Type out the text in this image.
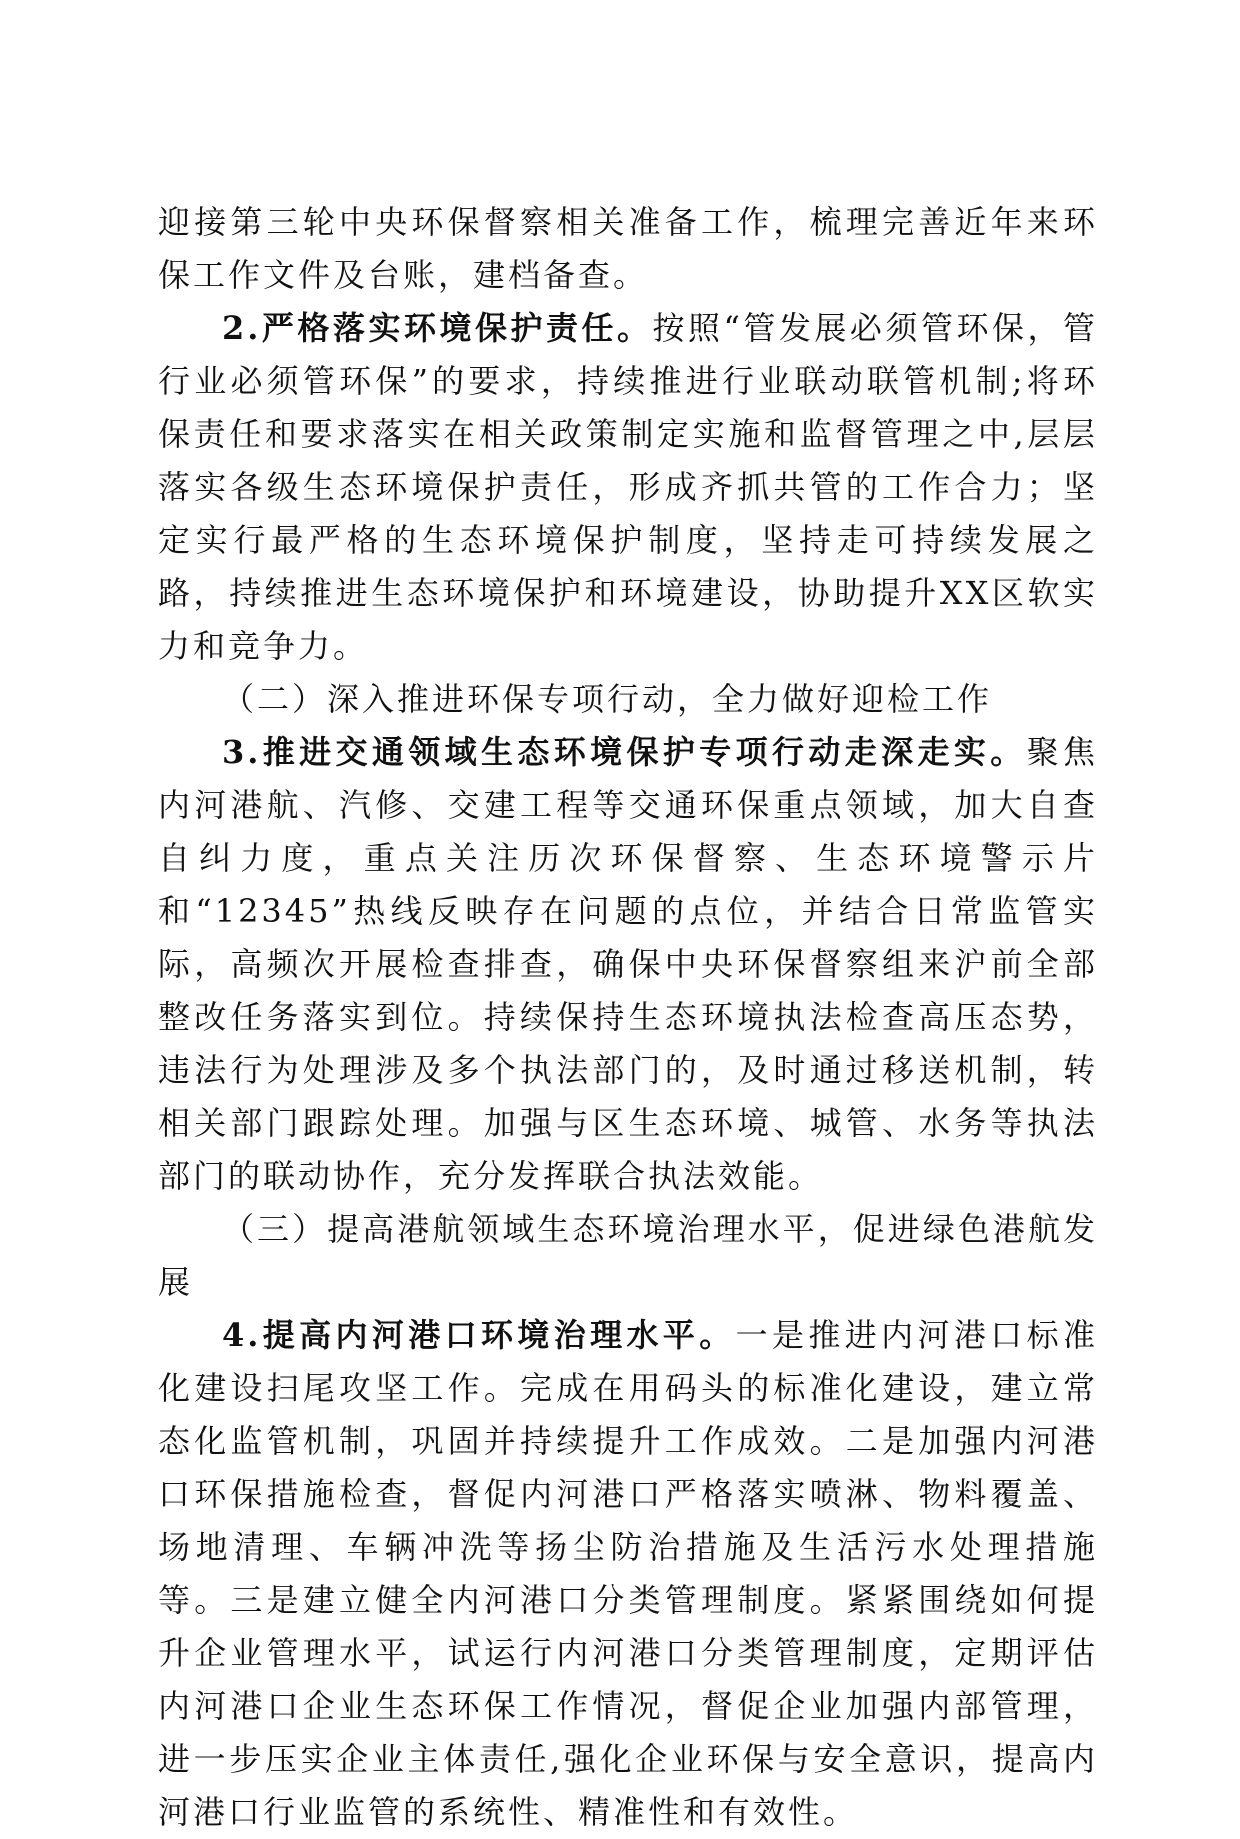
迎接第三轮中央环保督察相关准备工作，梳理完善近年来环保工作文件及台账，建档备查。

2.严格落实环境保护责任。按照“管发展必须管环保，管行业必须管环保”的要求，持续推进行业联动联管机制;将环保责任和要求落实在相关政策制定实施和监督管理之中,层层落实各级生态环境保护责任，形成齐抓共管的工作合力；坚定实行最严格的生态环境保护制度，坚持走可持续发展之路，持续推进生态环境保护和环境建设，协助提升XX区软实力和竞争力。

（二）深入推进环保专项行动，全力做好迎检工作

3.推进交通领域生态环境保护专项行动走深走实。聚焦内河港航、汽修、交建工程等交通环保重点领域，加大自查自纠力度，重点关注历次环保督察、生态环境警示片和“12345”热线反映存在问题的点位，并结合日常监管实际，高频次开展检查排查，确保中央环保督察组来沪前全部整改任务落实到位。持续保持生态环境执法检查高压态势，违法行为处理涉及多个执法部门的，及时通过移送机制，转相关部门跟踪处理。加强与区生态环境、城管、水务等执法部门的联动协作，充分发挥联合执法效能。

（三）提高港航领域生态环境治理水平，促进绿色港航发展

4.提高内河港口环境治理水平。一是推进内河港口标准化建设扫尾攻坚工作。完成在用码头的标准化建设，建立常态化监管机制，巩固并持续提升工作成效。二是加强内河港口环保措施检查，督促内河港口严格落实喷淋、物料覆盖、场地清理、车辆冲洗等扬尘防治措施及生活污水处理措施等。三是建立健全内河港口分类管理制度。紧紧围绕如何提升企业管理水平，试运行内河港口分类管理制度，定期评估内河港口企业生态环保工作情况，督促企业加强内部管理，进一步压实企业主体责任,强化企业环保与安全意识，提高内河港口行业监管的系统性、精准性和有效性。
